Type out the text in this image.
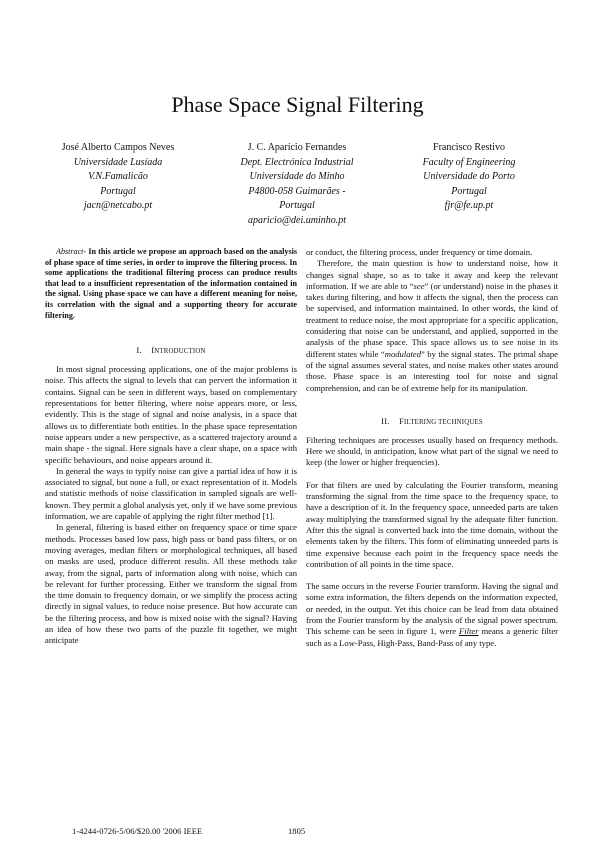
Phase Space Signal Filtering
José Alberto Campos Neves
Universidade Lusíada
V.N.Famalicão
Portugal
jacn@netcabo.pt
J. C. Aparício Fernandes
Dept. Electrónica Industrial
Universidade do Minho
P4800-058 Guimarães -
Portugal
aparicio@dei.uminho.pt
Francisco Restivo
Faculty of Engineering
Universidade do Porto
Portugal
fjr@fe.up.pt

Abstract- In this article we propose an approach based on the analysis of phase space of time series, in order to improve the filtering process. In some applications the traditional filtering process can produce results that lead to a insufficient representation of the information contained in the signal. Using phase space we can have a different meaning for noise, its correlation with the signal and a supporting theory for accurate filtering.

I. INTRODUCTION

In most signal processing applications, one of the major problems is noise. This affects the signal to levels that can pervert the information it contains. Signal can be seen in different ways, based on complementary representations for better filtering, where noise appears more, or less, evidently. This is the stage of signal and noise analysis, in a space that allows us to differentiate both entities. In the phase space representation noise appears under a new perspective, as a scattered trajectory around a main shape - the signal. Here signals have a clear shape, on a space with specific behaviours, and noise appears around it.

In general the ways to typify noise can give a partial idea of how it is associated to signal, but none a full, or exact representation of it. Models and statistic methods of noise classification in sampled signals are well-known. They permit a global analysis yet, only if we have some previous information, we are capable of applying the right filter method [1].

In general, filtering is based either on frequency space or time space methods. Processes based low pass, high pass or band pass filters, or on moving averages, median filters or morphological techniques, all based on masks are used, produce different results. All these methods take away, from the signal, parts of information along with noise, which can be relevant for further processing. Either we transform the signal from the time domain to frequency domain, or we simplify the process acting directly in signal values, to reduce noise presence. But how accurate can be the filtering process, and how is mixed noise with the signal? Having an idea of how these two parts of the puzzle fit together, we might anticipate

or conduct, the filtering process, under frequency or time domain.

Therefore, the main question is how to understand noise, how it changes signal shape, so as to take it away and keep the relevant information. If we are able to “see” (or understand) noise in the phases it takes during filtering, and how it affects the signal, then the process can be supervised, and information maintained. In other words, the kind of treatment to reduce noise, the most appropriate for a specific application, considering that noise can be understand, and applied, supported in the analysis of the phase space. This space allows us to see noise in its different states while “modulated” by the signal states. The primal shape of the signal assumes several states, and noise makes other states around those. Phase space is an interesting tool for noise and signal comprehension, and can be of extreme help for its manipulation.

II. FILTERING TECHNIQUES

Filtering techniques are processes usually based on frequency methods. Here we should, in anticipation, know what part of the signal we need to keep (the lower or higher frequencies).

For that filters are used by calculating the Fourier transform, meaning transforming the signal from the time space to the frequency space, to have a description of it. In the frequency space, unneeded parts are taken away multiplying the transformed signal by the adequate filter function. After this the signal is converted back into the time domain, without the elements taken by the filters. This form of eliminating unneeded parts is time expensive because each point in the frequency space needs the contribution of all points in the time space.

The same occurs in the reverse Fourier transform. Having the signal and some extra information, the filters depends on the information expected, or needed, in the output. Yet this choice can be lead from data obtained from the Fourier transform by the analysis of the signal power spectrum. This scheme can be seen in figure 1, were Filter means a generic filter such as a Low-Pass, High-Pass, Band-Pass of any type.

1-4244-0726-5/06/$20.00 '2006 IEEE	1805
